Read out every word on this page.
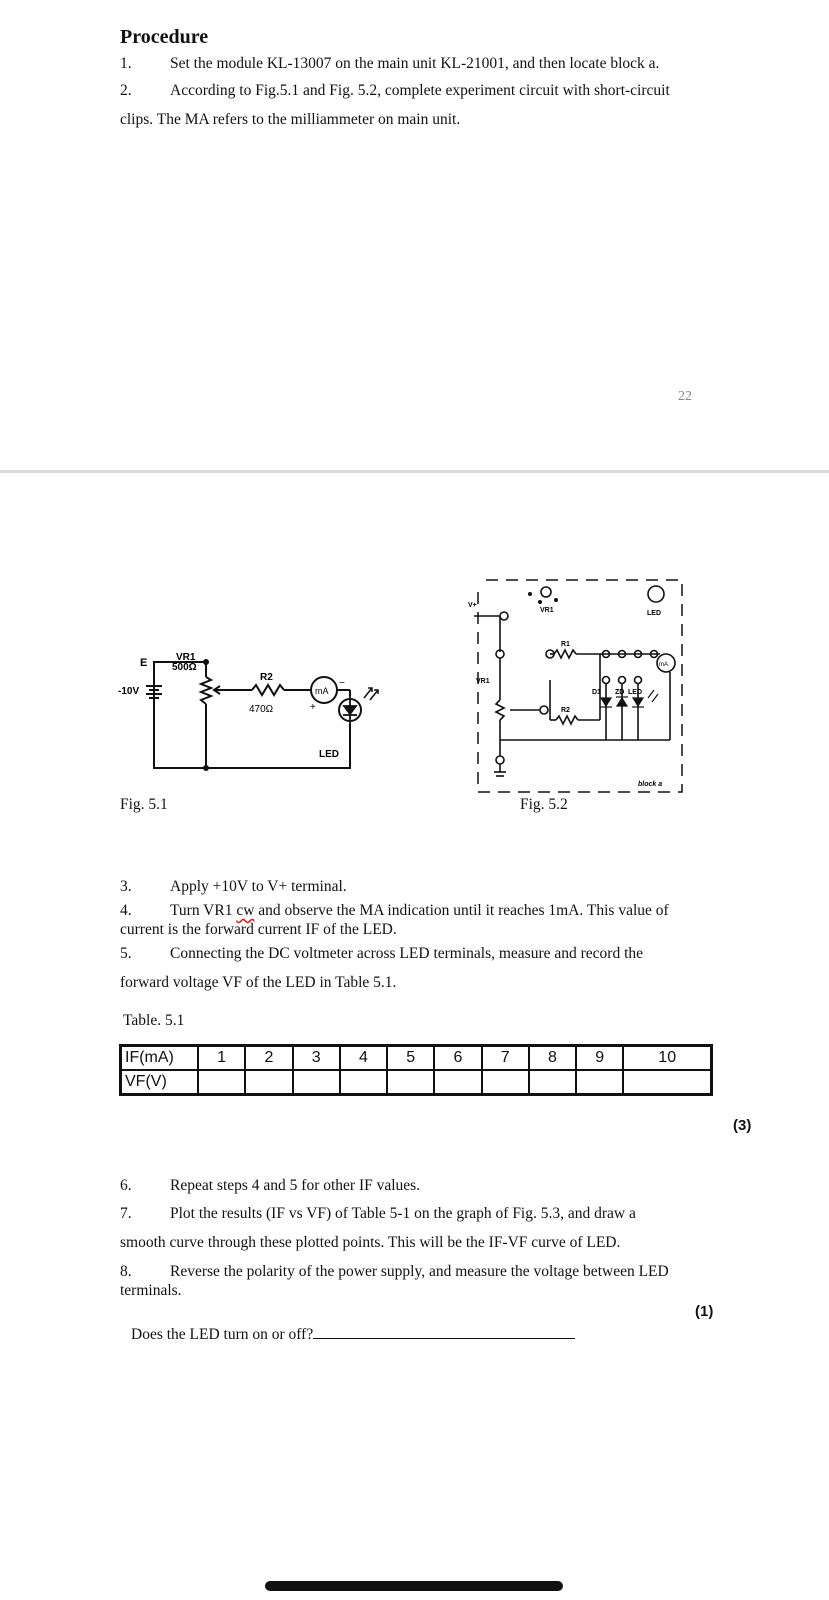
Procedure
1. Set the module KL-13007 on the main unit KL-21001, and then locate block a.
2. According to Fig.5.1 and Fig. 5.2, complete experiment circuit with short-circuit
clips. The MA refers to the milliammeter on main unit.
22
E
-10V
VR1
500Ω
R2
470Ω
mA
+
−
LED
Fig. 5.1
V+
VR1
VR1
R1
R2
D1 ZD LED
LED
mA
block a
Fig. 5.2
3. Apply +10V to V+ terminal.
4. Turn VR1 cw and observe the MA indication until it reaches 1mA. This value of
current is the forward current IF of the LED.
5. Connecting the DC voltmeter across LED terminals, measure and record the
forward voltage VF of the LED in Table 5.1.
Table. 5.1
IF(mA)	1	2	3	4	5	6	7	8	9	10
VF(V)										
(3)
6. Repeat steps 4 and 5 for other IF values.
7. Plot the results (IF vs VF) of Table 5-1 on the graph of Fig. 5.3, and draw a
smooth curve through these plotted points. This will be the IF-VF curve of LED.
8. Reverse the polarity of the power supply, and measure the voltage between LED
terminals.
(1)
Does the LED turn on or off?
